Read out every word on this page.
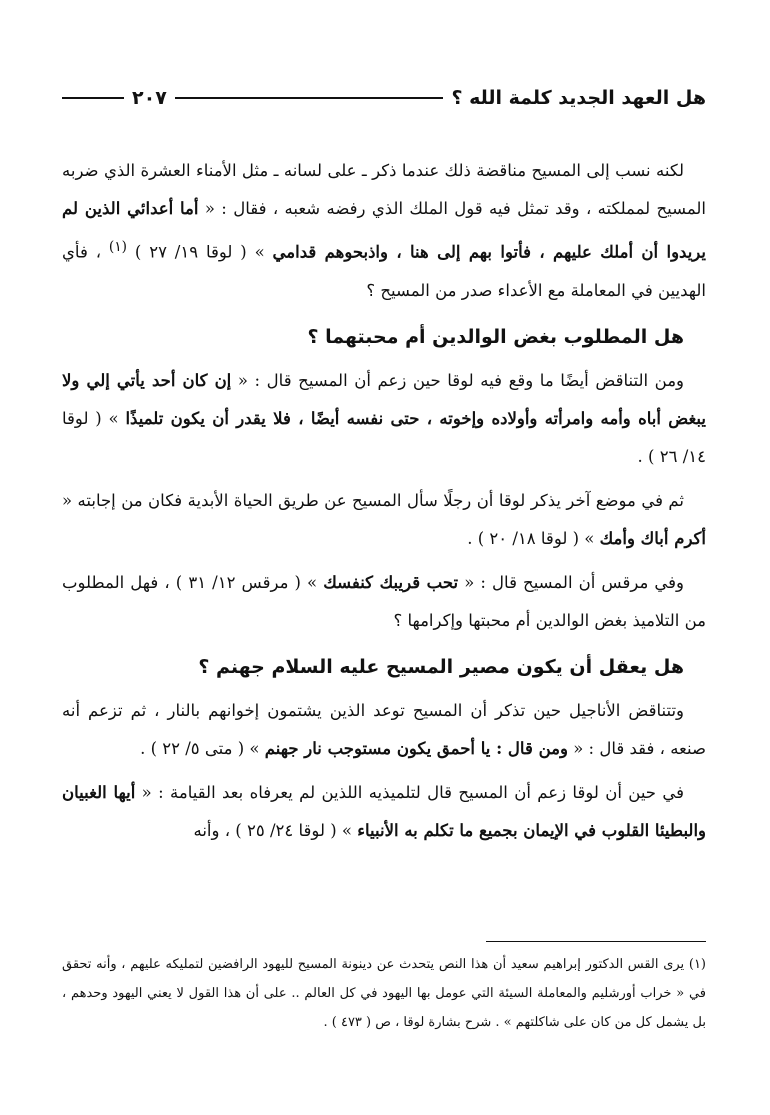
هل العهد الجديد كلمة الله ؟
٢٠٧

لكنه نسب إلى المسيح مناقضة ذلك عندما ذكر ـ على لسانه ـ مثل الأمناء العشرة الذي ضربه المسيح لمملكته ، وقد تمثل فيه قول الملك الذي رفضه شعبه ، فقال : « أما أعدائي الذين لم يريدوا أن أملك عليهم ، فأتوا بهم إلى هنا ، واذبحوهم قدامي » ( لوقا ١٩/ ٢٧ ) $^{(١)}$ ، فأي الهديين في المعاملة مع الأعداء صدر من المسيح ؟

هل المطلوب بغض الوالدين أم محبتهما ؟

ومن التناقض أيضًا ما وقع فيه لوقا حين زعم أن المسيح قال : « إن كان أحد يأتي إلي ولا يبغض أباه وأمه وامرأته وأولاده وإخوته ، حتى نفسه أيضًا ، فلا يقدر أن يكون تلميذًا » ( لوقا ١٤/ ٢٦ ) .

ثم في موضع آخر يذكر لوقا أن رجلًا سأل المسيح عن طريق الحياة الأبدية فكان من إجابته « أكرم أباك وأمك » ( لوقا ١٨/ ٢٠ ) .

وفي مرقس أن المسيح قال : « تحب قريبك كنفسك » ( مرقس ١٢/ ٣١ ) ، فهل المطلوب من التلاميذ بغض الوالدين أم محبتها وإكرامها ؟

هل يعقل أن يكون مصير المسيح عليه السلام جهنم ؟

وتتناقض الأناجيل حين تذكر أن المسيح توعد الذين يشتمون إخوانهم بالنار ، ثم تزعم أنه صنعه ، فقد قال : « ومن قال : يا أحمق يكون مستوجب نار جهنم » ( متى ٥/ ٢٢ ) .

في حين أن لوقا زعم أن المسيح قال لتلميذيه اللذين لم يعرفاه بعد القيامة : « أيها الغبيان والبطيئا القلوب في الإيمان بجميع ما تكلم به الأنبياء » ( لوقا ٢٤/ ٢٥ ) ، وأنه

(١) يرى القس الدكتور إبراهيم سعيد أن هذا النص يتحدث عن دينونة المسيح لليهود الرافضين لتمليكه عليهم ، وأنه تحقق في « خراب أورشليم والمعاملة السيئة التي عومل بها اليهود في كل العالم .. على أن هذا القول لا يعني اليهود وحدهم ، بل يشمل كل من كان على شاكلتهم » . شرح بشارة لوقا ، ص ( ٤٧٣ ) .
